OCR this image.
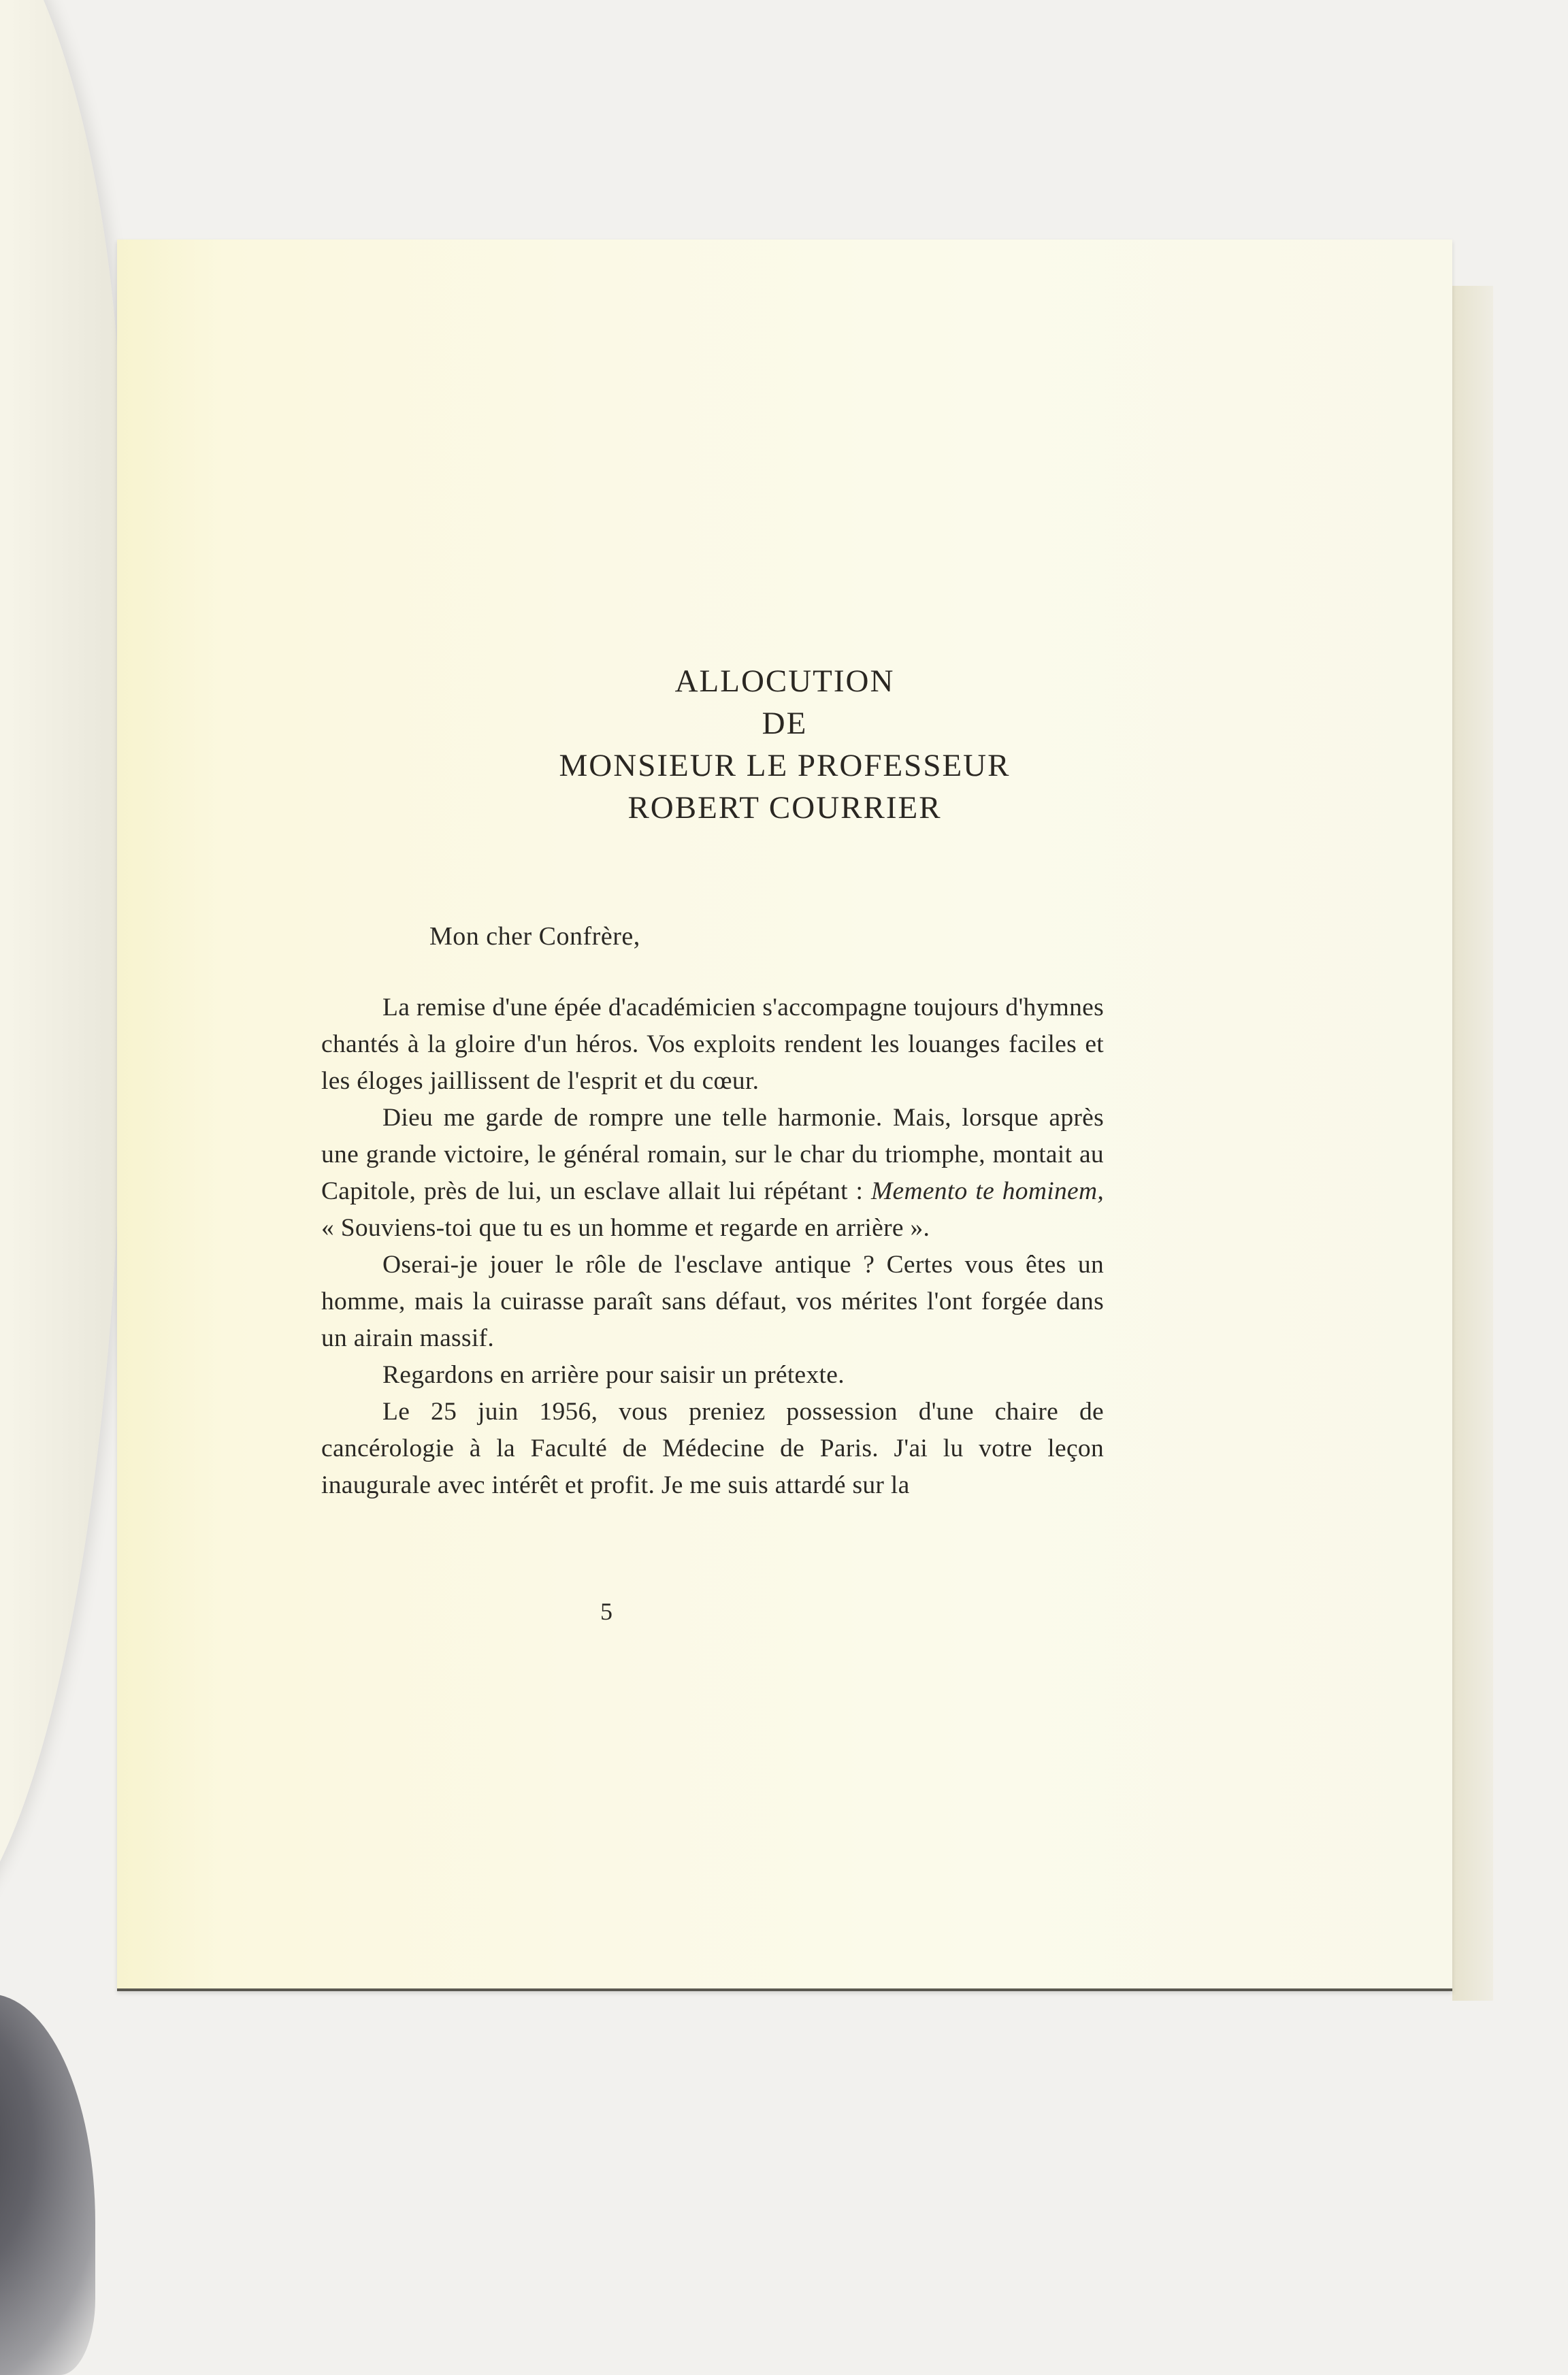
ALLOCUTION
DE
MONSIEUR LE PROFESSEUR
ROBERT COURRIER

Mon cher Confrère,

La remise d'une épée d'académicien s'accompagne toujours d'hymnes chantés à la gloire d'un héros. Vos exploits rendent les louanges faciles et les éloges jaillissent de l'esprit et du cœur.

Dieu me garde de rompre une telle harmonie. Mais, lorsque après une grande victoire, le général romain, sur le char du triomphe, montait au Capitole, près de lui, un esclave allait lui répétant : Memento te hominem, « Souviens-toi que tu es un homme et regarde en arrière ».

Oserai-je jouer le rôle de l'esclave antique ? Certes vous êtes un homme, mais la cuirasse paraît sans défaut, vos mérites l'ont forgée dans un airain massif.

Regardons en arrière pour saisir un prétexte.

Le 25 juin 1956, vous preniez possession d'une chaire de cancérologie à la Faculté de Médecine de Paris. J'ai lu votre leçon inaugurale avec intérêt et profit. Je me suis attardé sur la

5
